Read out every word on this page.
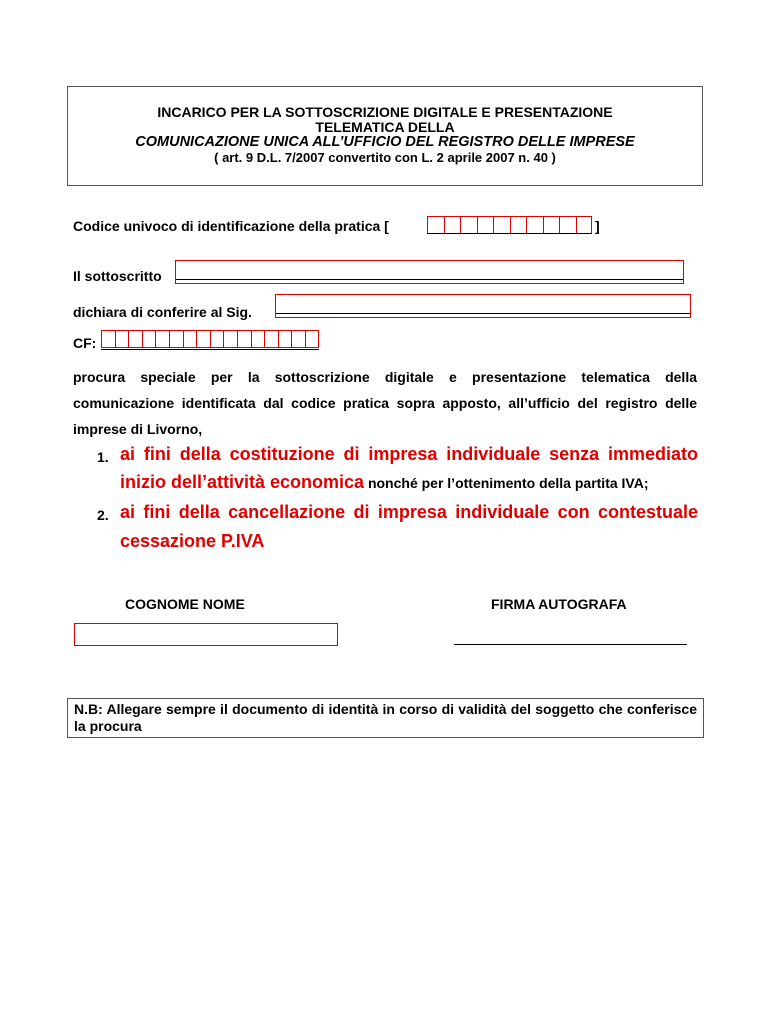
INCARICO PER LA SOTTOSCRIZIONE DIGITALE E PRESENTAZIONE
TELEMATICA DELLA
COMUNICAZIONE UNICA ALL’UFFICIO DEL REGISTRO DELLE IMPRESE
( art. 9 D.L. 7/2007 convertito con L. 2 aprile 2007 n. 40 )
Codice univoco di identificazione della pratica [	]
Il sottoscritto
dichiara di conferire al Sig.
CF:
procura speciale per la sottoscrizione digitale e presentazione telematica della comunicazione identificata dal codice pratica sopra apposto, all’ufficio del registro delle imprese di Livorno,
1. ai fini della costituzione di impresa individuale senza immediato
inizio dell’attività economica nonché per l’ottenimento della partita IVA;
2. ai fini della cancellazione di impresa individuale con contestuale
cessazione P.IVA
COGNOME NOME	FIRMA AUTOGRAFA
N.B: Allegare sempre il documento di identità in corso di validità del soggetto che conferisce la procura
